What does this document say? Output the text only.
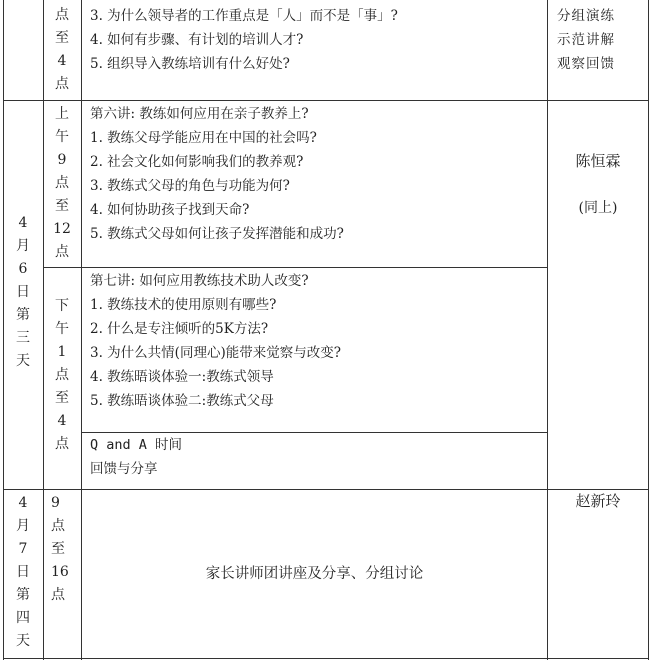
点
至
4
点
3. 为什么领导者的工作重点是「人」而不是「事」?
4. 如何有步骤、有计划的培训人才?
5. 组织导入教练培训有什么好处?
分组演练
示范讲解
观察回馈
4
月
6
日
第
三
天
上
午
9
点
至
12
点
第六讲: 教练如何应用在亲子教养上?
1. 教练父母学能应用在中国的社会吗?
2. 社会文化如何影响我们的教养观?
3. 教练式父母的角色与功能为何?
4. 如何协助孩子找到天命?
5. 教练式父母如何让孩子发挥潜能和成功?
陈恒霖
(同上)
下
午
1
点
至
4
点
第七讲: 如何应用教练技术助人改变?
1. 教练技术的使用原则有哪些?
2. 什么是专注倾听的5K方法?
3. 为什么共情(同理心)能带来觉察与改变?
4. 教练晤谈体验一:教练式领导
5. 教练晤谈体验二:教练式父母
Q and A 时间
回馈与分享
4
月
7
日
第
四
天
9
点
至
16
点
家长讲师团讲座及分享、分组讨论
赵新玲
